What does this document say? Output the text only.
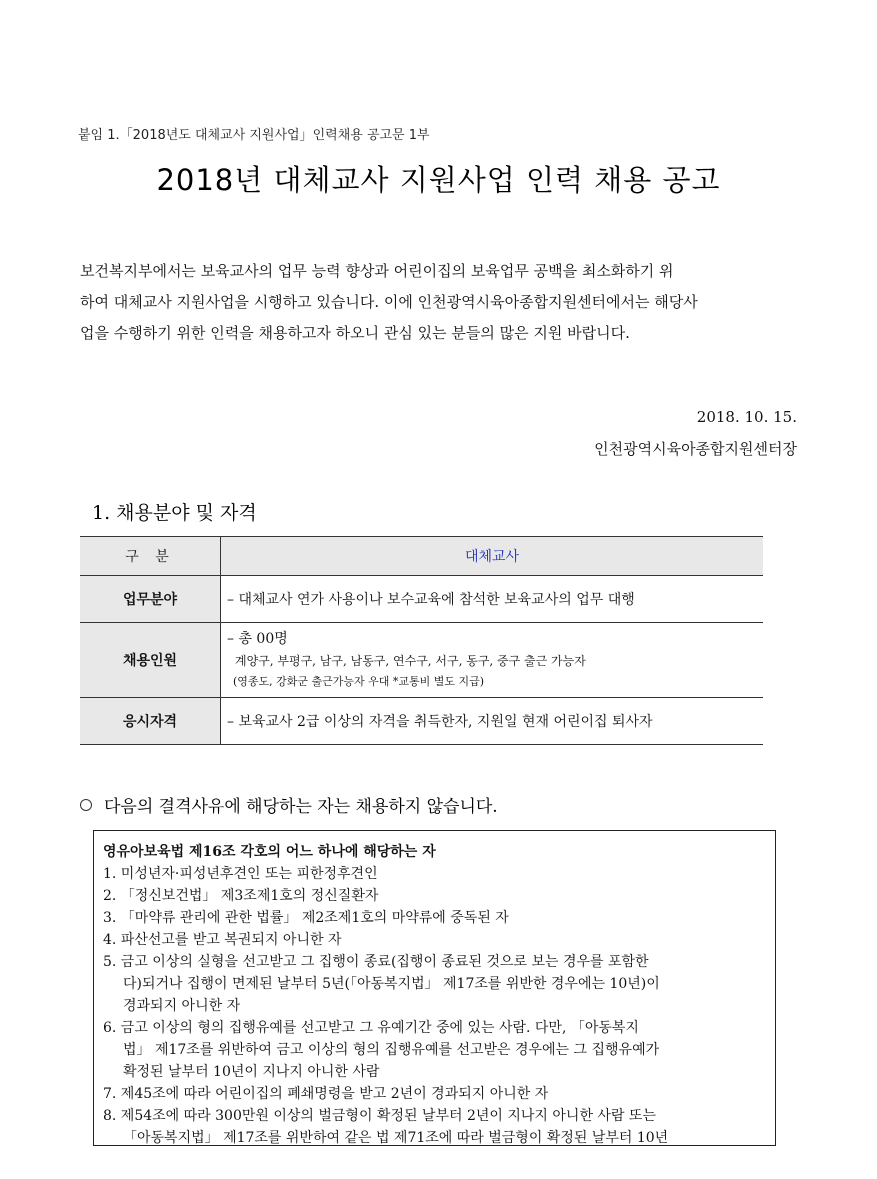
붙임 1.「2018년도 대체교사 지원사업」인력채용 공고문 1부
2018년 대체교사 지원사업 인력 채용 공고
보건복지부에서는 보육교사의 업무 능력 향상과 어린이집의 보육업무 공백을 최소화하기 위
하여 대체교사 지원사업을 시행하고 있습니다. 이에 인천광역시육아종합지원센터에서는 해당사
업을 수행하기 위한 인력을 채용하고자 하오니 관심 있는 분들의 많은 지원 바랍니다.
2018. 10. 15.
인천광역시육아종합지원센터장
1. 채용분야 및 자격
구 분	대체교사
업무분야	– 대체교사 연가 사용이나 보수교육에 참석한 보육교사의 업무 대행
채용인원	– 총 00명
계양구, 부평구, 남구, 남동구, 연수구, 서구, 동구, 중구 출근 가능자
(영종도, 강화군 출근가능자 우대 *교통비 별도 지급)

응시자격	– 보육교사 2급 이상의 자격을 취득한자, 지원일 현재 어린이집 퇴사자
다음의 결격사유에 해당하는 자는 채용하지 않습니다.
영유아보육법 제16조 각호의 어느 하나에 해당하는 자
1. 미성년자·피성년후견인 또는 피한정후견인
2. 「정신보건법」 제3조제1호의 정신질환자
3. 「마약류 관리에 관한 법률」 제2조제1호의 마약류에 중독된 자
4. 파산선고를 받고 복권되지 아니한 자
5. 금고 이상의 실형을 선고받고 그 집행이 종료(집행이 종료된 것으로 보는 경우를 포함한
다)되거나 집행이 면제된 날부터 5년(「아동복지법」 제17조를 위반한 경우에는 10년)이
경과되지 아니한 자
6. 금고 이상의 형의 집행유예를 선고받고 그 유예기간 중에 있는 사람. 다만, 「아동복지
법」 제17조를 위반하여 금고 이상의 형의 집행유예를 선고받은 경우에는 그 집행유예가
확정된 날부터 10년이 지나지 아니한 사람
7. 제45조에 따라 어린이집의 폐쇄명령을 받고 2년이 경과되지 아니한 자
8. 제54조에 따라 300만원 이상의 벌금형이 확정된 날부터 2년이 지나지 아니한 사람 또는
「아동복지법」 제17조를 위반하여 같은 법 제71조에 따라 벌금형이 확정된 날부터 10년
